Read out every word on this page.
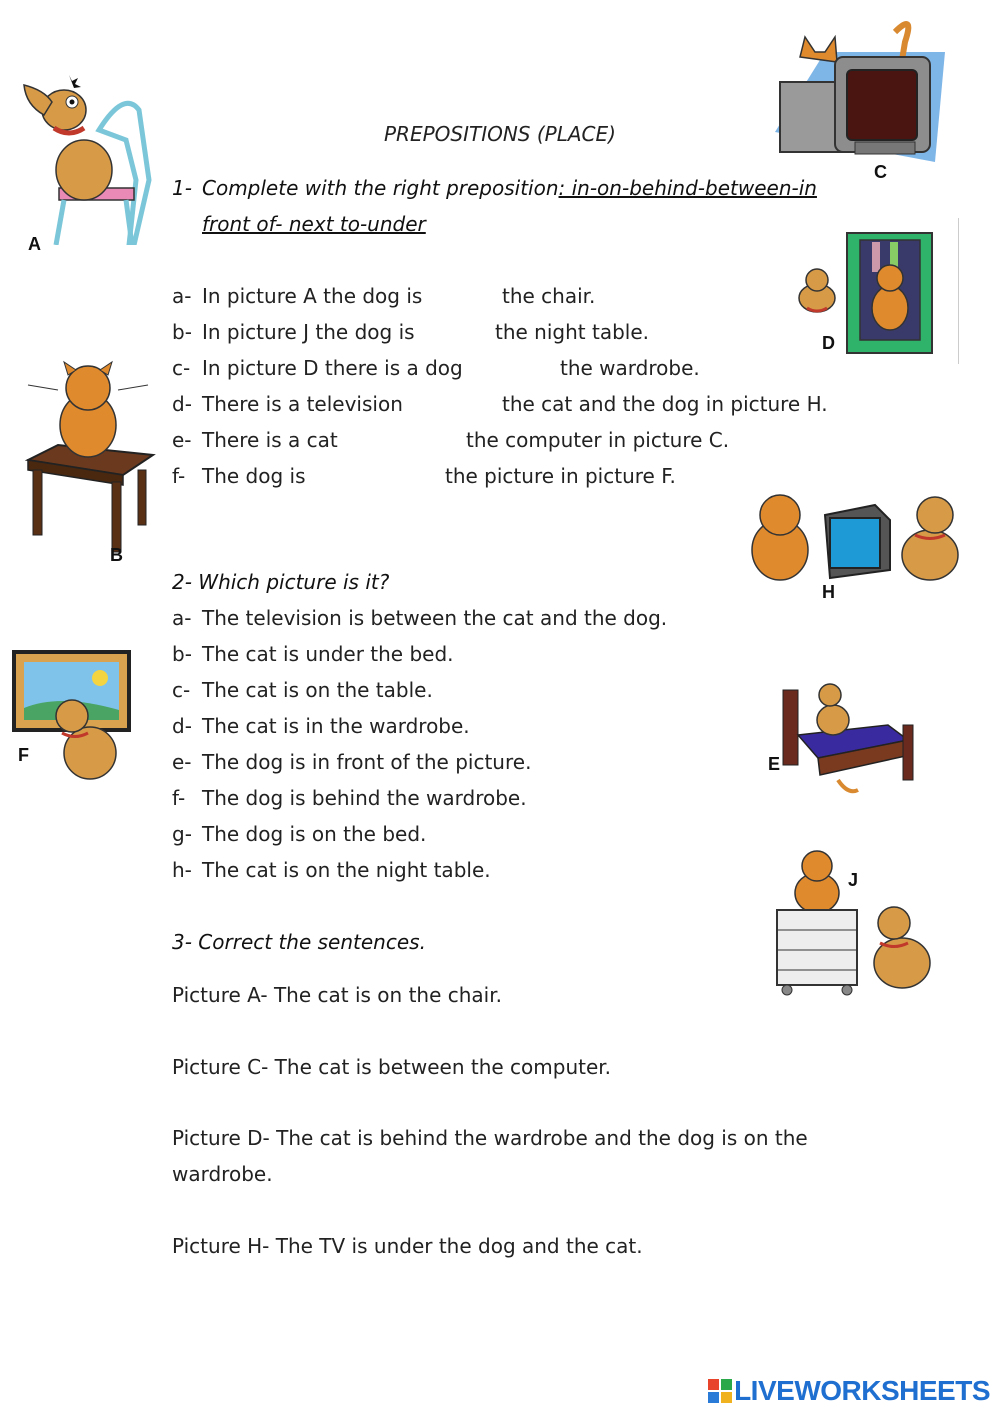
PREPOSITIONS (PLACE)
1- Complete with the right preposition: in-on-behind-between-in
front of- next to-under
a- In picture A the dog is	the chair.
b- In picture J the dog is	the night table.
c- In picture D there is a dog	the wardrobe.
d- There is a television	the cat and the dog in picture H.
e- There is a cat	the computer in picture C.
f- The dog is	the picture in picture F.
2- Which picture is it?
a- The television is between the cat and the dog.
b- The cat is under the bed.
c- The cat is on the table.
d- The cat is in the wardrobe.
e- The dog is in front of the picture.
f- The dog is behind the wardrobe.
g- The dog is on the bed.
h- The cat is on the night table.
3- Correct the sentences.
Picture A- The cat is on the chair.
Picture C- The cat is between the computer.
Picture D- The cat is behind the wardrobe and the dog is on the
wardrobe.
Picture H- The TV is under the dog and the cat.
A
C
D
B
H
F	E
J
LIVEWORKSHEETS
